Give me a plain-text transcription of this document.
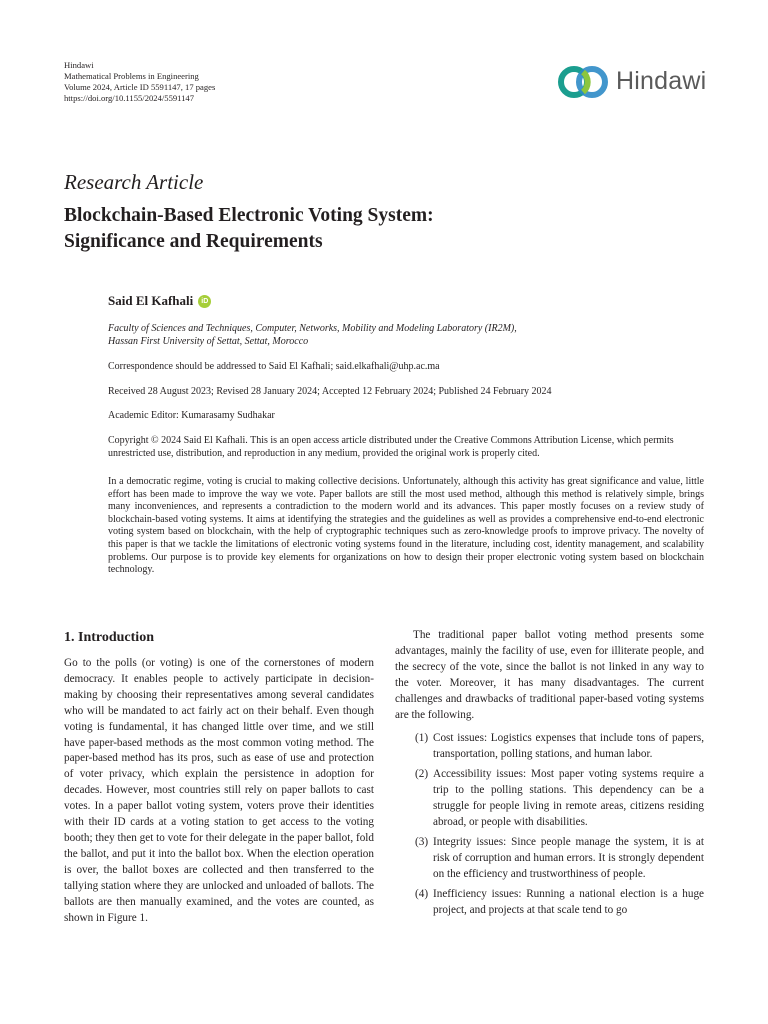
Hindawi
Mathematical Problems in Engineering
Volume 2024, Article ID 5591147, 17 pages
https://doi.org/10.1155/2024/5591147
Hindawi
Research Article
Blockchain-Based Electronic Voting System:
Significance and Requirements
Said El Kafhali	iD
Faculty of Sciences and Techniques, Computer, Networks, Mobility and Modeling Laboratory (IR2M),
Hassan First University of Settat, Settat, Morocco
Correspondence should be addressed to Said El Kafhali; said.elkafhali@uhp.ac.ma
Received 28 August 2023; Revised 28 January 2024; Accepted 12 February 2024; Published 24 February 2024
Academic Editor: Kumarasamy Sudhakar
Copyright © 2024 Said El Kafhali. This is an open access article distributed under the Creative Commons Attribution License, which permits unrestricted use, distribution, and reproduction in any medium, provided the original work is properly cited.
In a democratic regime, voting is crucial to making collective decisions. Unfortunately, although this activity has great significance and value, little effort has been made to improve the way we vote. Paper ballots are still the most used method, although this method is relatively simple, brings many inconveniences, and represents a contradiction to the modern world and its advances. This paper mostly focuses on a review study of blockchain-based voting systems. It aims at identifying the strategies and the guidelines as well as provides a comprehensive end-to-end electronic voting system based on blockchain, with the help of cryptographic techniques such as zero-knowledge proofs to improve privacy. The novelty of this paper is that we tackle the limitations of electronic voting systems found in the literature, including cost, identity management, and scalability problems. Our purpose is to provide key elements for organizations on how to design their proper electronic voting system based on blockchain technology.
1. Introduction

Go to the polls (or voting) is one of the cornerstones of modern democracy. It enables people to actively participate in decision-making by choosing their representatives among several candidates who will be mandated to act fairly act on their behalf. Even though voting is fundamental, it has changed little over time, and we still have paper-based methods as the most common voting method. The paper-based method has its pros, such as ease of use and protection of voter privacy, which explain the persistence in adoption for decades. However, most countries still rely on paper ballots to cast votes. In a paper ballot voting system, voters prove their identities with their ID cards at a voting station to get access to the voting booth; they then get to vote for their delegate in the paper ballot, fold the ballot, and put it into the ballot box. When the election operation is over, the ballot boxes are collected and then transferred to the tallying station where they are unlocked and unloaded of ballots. The ballots are then manually examined, and the votes are counted, as shown in Figure 1.

The traditional paper ballot voting method presents some advantages, mainly the facility of use, even for illiterate people, and the secrecy of the vote, since the ballot is not linked in any way to the voter. Moreover, it has many disadvantages. The current challenges and drawbacks of traditional paper-based voting systems are the following.

(1) Cost issues: Logistics expenses that include tons of papers, transportation, polling stations, and human labor.
(2) Accessibility issues: Most paper voting systems require a trip to the polling stations. This dependency can be a struggle for people living in remote areas, citizens residing abroad, or people with disabilities.
(3) Integrity issues: Since people manage the system, it is at risk of corruption and human errors. It is strongly dependent on the efficiency and trustworthiness of people.
(4) Inefficiency issues: Running a national election is a huge project, and projects at that scale tend to go
